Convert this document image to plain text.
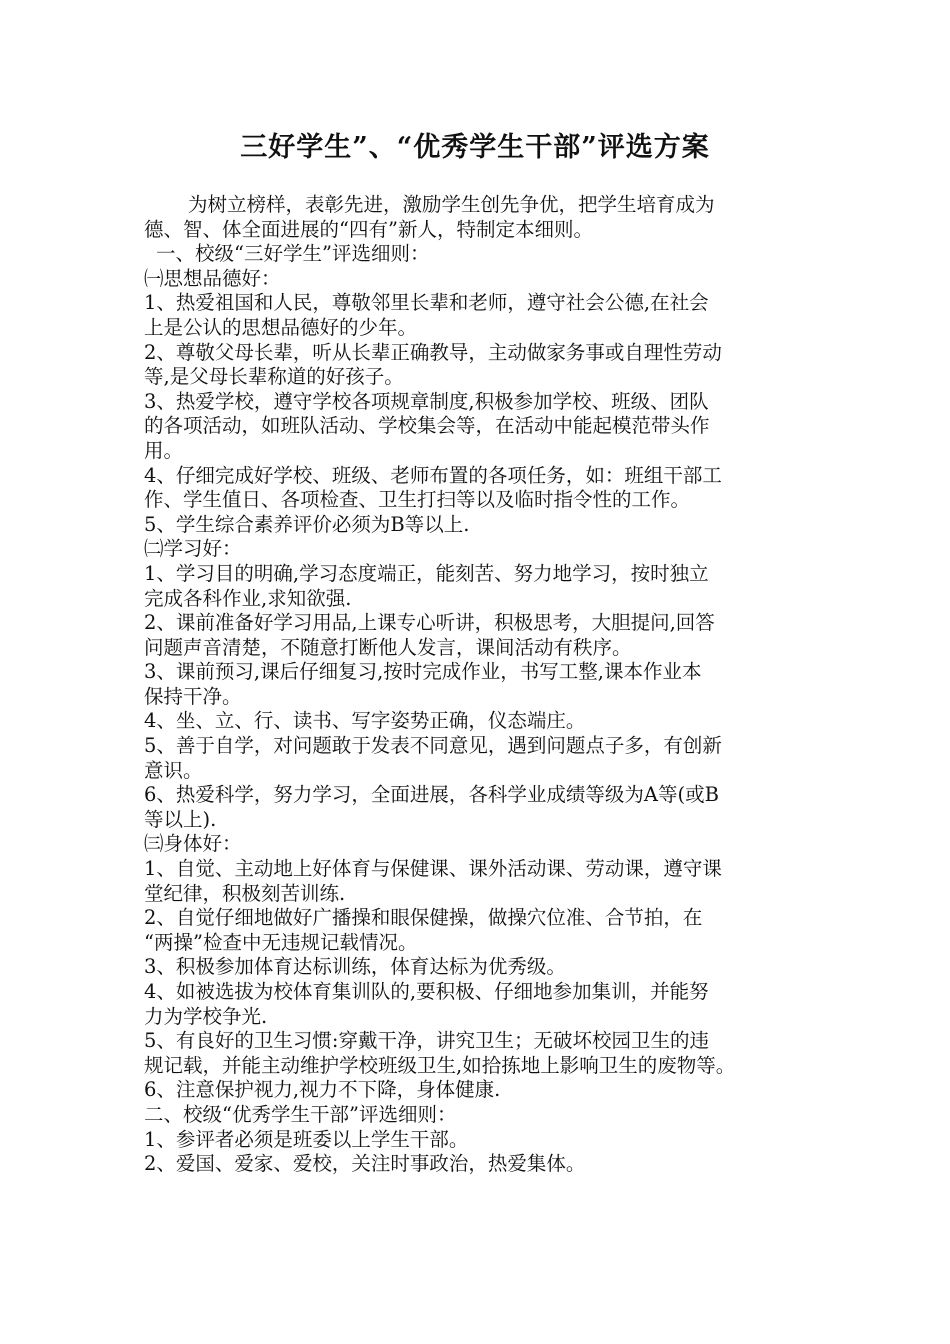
三好学生”、“优秀学生干部”评选方案
为树立榜样，表彰先进，激励学生创先争优，把学生培育成为
德、智、体全面进展的“四有”新人，特制定本细则。
一、校级“三好学生”评选细则：
㈠思想品德好：
1、热爱祖国和人民，尊敬邻里长辈和老师，遵守社会公德,在社会
上是公认的思想品德好的少年。
2、尊敬父母长辈，听从长辈正确教导，主动做家务事或自理性劳动
等,是父母长辈称道的好孩子。
3、热爱学校，遵守学校各项规章制度,积极参加学校、班级、团队
的各项活动，如班队活动、学校集会等，在活动中能起模范带头作
用。
4、仔细完成好学校、班级、老师布置的各项任务，如：班组干部工
作、学生值日、各项检查、卫生打扫等以及临时指令性的工作。
5、学生综合素养评价必须为B等以上.
㈡学习好：
1、学习目的明确,学习态度端正，能刻苦、努力地学习，按时独立
完成各科作业,求知欲强.
2、课前准备好学习用品,上课专心听讲，积极思考，大胆提问,回答
问题声音清楚，不随意打断他人发言，课间活动有秩序。
3、课前预习,课后仔细复习,按时完成作业，书写工整,课本作业本
保持干净。
4、坐、立、行、读书、写字姿势正确，仪态端庄。
5、善于自学，对问题敢于发表不同意见，遇到问题点子多，有创新
意识。
6、热爱科学，努力学习，全面进展，各科学业成绩等级为A等(或B
等以上).
㈢身体好：
1、自觉、主动地上好体育与保健课、课外活动课、劳动课，遵守课
堂纪律，积极刻苦训练.
2、自觉仔细地做好广播操和眼保健操，做操穴位准、合节拍，在
“两操”检查中无违规记载情况。
3、积极参加体育达标训练，体育达标为优秀级。
4、如被选拔为校体育集训队的,要积极、仔细地参加集训，并能努
力为学校争光.
5、有良好的卫生习惯:穿戴干净，讲究卫生；无破坏校园卫生的违
规记载，并能主动维护学校班级卫生,如拾拣地上影响卫生的废物等。
6、注意保护视力,视力不下降，身体健康.
二、校级“优秀学生干部”评选细则：
1、参评者必须是班委以上学生干部。
2、爱国、爱家、爱校，关注时事政治，热爱集体。
